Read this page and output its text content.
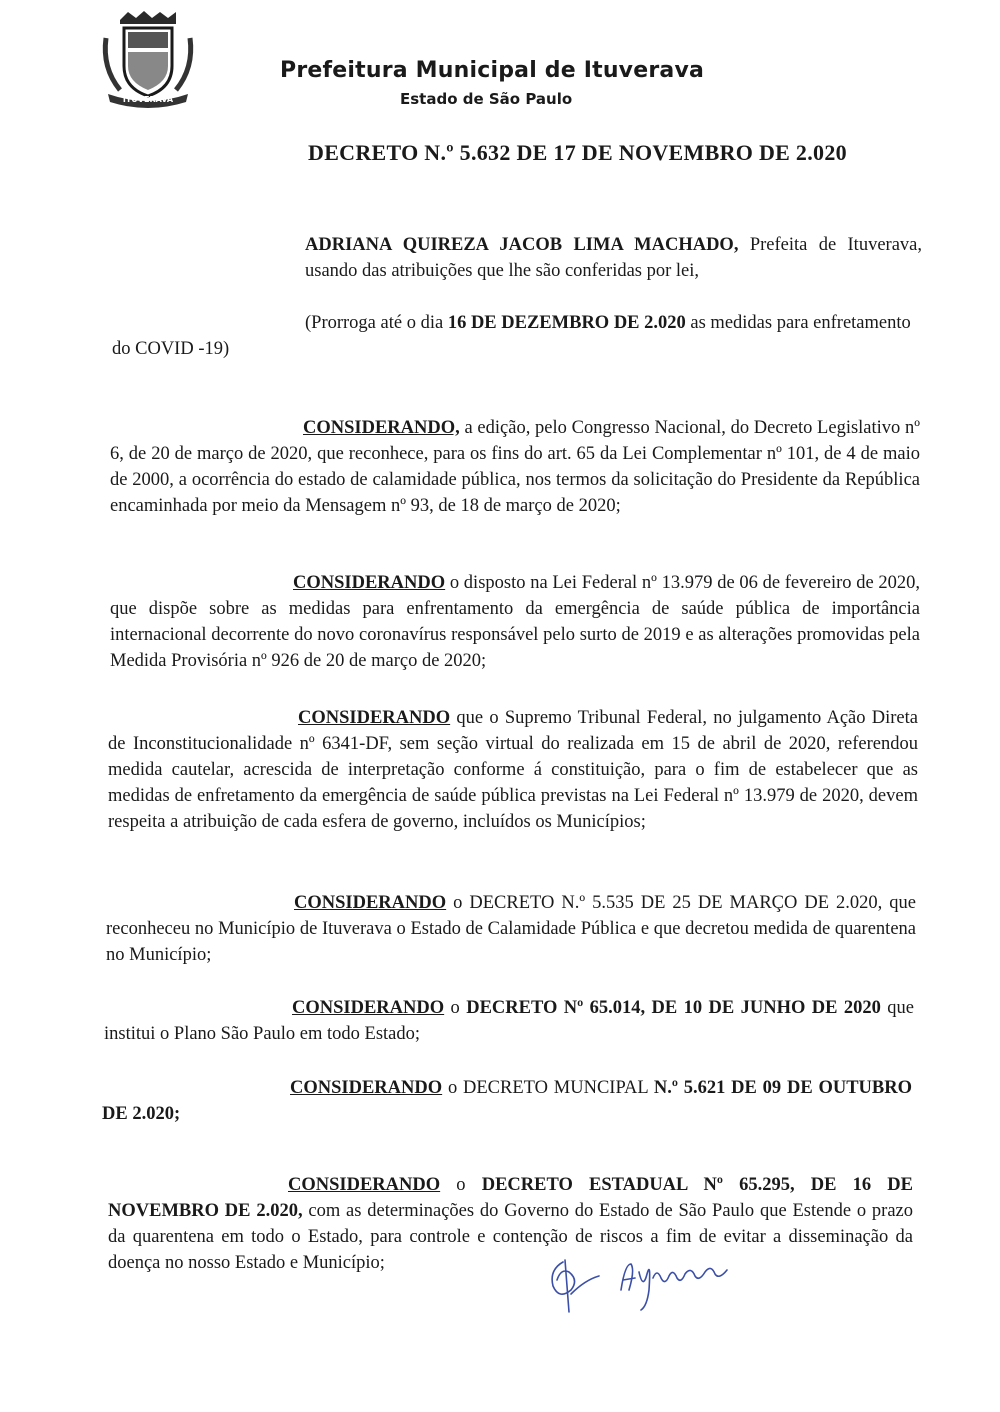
ITUVERAVA
Prefeitura Municipal de Ituverava
Estado de São Paulo
DECRETO N.º 5.632 DE 17 DE NOVEMBRO DE 2.020
ADRIANA QUIREZA JACOB LIMA MACHADO, Prefeita de Ituverava, usando das atribuições que lhe são conferidas por lei,
(Prorroga até o dia 16 DE DEZEMBRO DE 2.020 as medidas para enfretamento do COVID -19)
CONSIDERANDO, a edição, pelo Congresso Nacional, do Decreto Legislativo nº 6, de 20 de março de 2020, que reconhece, para os fins do art. 65 da Lei Complementar nº 101, de 4 de maio de 2000, a ocorrência do estado de calamidade pública, nos termos da solicitação do Presidente da República encaminhada por meio da Mensagem nº 93, de 18 de março de 2020;
CONSIDERANDO o disposto na Lei Federal nº 13.979 de 06 de fevereiro de 2020, que dispõe sobre as medidas para enfrentamento da emergência de saúde pública de importância internacional decorrente do novo coronavírus responsável pelo surto de 2019 e as alterações promovidas pela Medida Provisória nº 926 de 20 de março de 2020;
CONSIDERANDO que o Supremo Tribunal Federal, no julgamento Ação Direta de Inconstitucionalidade nº 6341-DF, sem seção virtual do realizada em 15 de abril de 2020, referendou medida cautelar, acrescida de interpretação conforme á constituição, para o fim de estabelecer que as medidas de enfretamento da emergência de saúde pública previstas na Lei Federal nº 13.979 de 2020, devem respeita a atribuição de cada esfera de governo, incluídos os Municípios;
CONSIDERANDO o DECRETO N.º 5.535 DE 25 DE MARÇO DE 2.020, que reconheceu no Município de Ituverava o Estado de Calamidade Pública e que decretou medida de quarentena no Município;
CONSIDERANDO o DECRETO Nº 65.014, DE 10 DE JUNHO DE 2020 que institui o Plano São Paulo em todo Estado;
CONSIDERANDO o DECRETO MUNCIPAL N.º 5.621 DE 09 DE OUTUBRO DE 2.020;
CONSIDERANDO o DECRETO ESTADUAL Nº 65.295, DE 16 DE NOVEMBRO DE 2.020, com as determinações do Governo do Estado de São Paulo que Estende o prazo da quarentena em todo o Estado, para controle e contenção de riscos a fim de evitar a disseminação da doença no nosso Estado e Município;
